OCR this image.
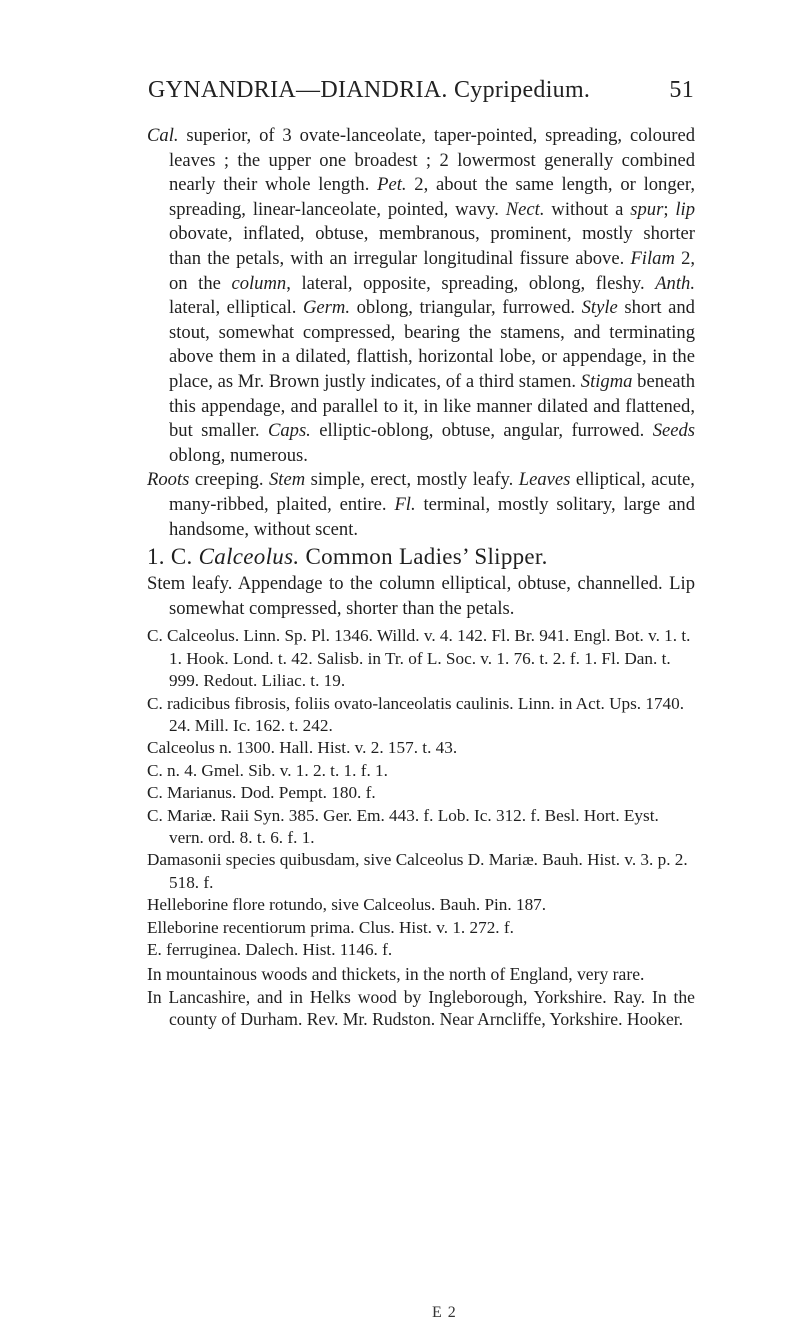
GYNANDRIA—DIANDRIA. Cypripedium.	51

Cal. superior, of 3 ovate-lanceolate, taper-pointed, spreading, coloured leaves ; the upper one broadest ; 2 lowermost generally combined nearly their whole length. Pet. 2, about the same length, or longer, spreading, linear-lanceolate, pointed, wavy. Nect. without a spur; lip obovate, inflated, obtuse, membranous, prominent, mostly shorter than the petals, with an irregular longitudinal fissure above. Filam 2, on the column, lateral, opposite, spreading, oblong, fleshy. Anth. lateral, elliptical. Germ. oblong, triangular, furrowed. Style short and stout, somewhat compressed, bearing the stamens, and terminating above them in a dilated, flattish, horizontal lobe, or appendage, in the place, as Mr. Brown justly indicates, of a third stamen. Stigma beneath this appendage, and parallel to it, in like manner dilated and flattened, but smaller. Caps. elliptic-oblong, obtuse, angular, furrowed. Seeds oblong, numerous.

Roots creeping. Stem simple, erect, mostly leafy. Leaves elliptical, acute, many-ribbed, plaited, entire. Fl. terminal, mostly solitary, large and handsome, without scent.

1. C. Calceolus. Common Ladies’ Slipper.

Stem leafy. Appendage to the column elliptical, obtuse, channelled. Lip somewhat compressed, shorter than the petals.

C. Calceolus. Linn. Sp. Pl. 1346. Willd. v. 4. 142. Fl. Br. 941. Engl. Bot. v. 1. t. 1. Hook. Lond. t. 42. Salisb. in Tr. of L. Soc. v. 1. 76. t. 2. f. 1. Fl. Dan. t. 999. Redout. Liliac. t. 19.

C. radicibus fibrosis, foliis ovato-lanceolatis caulinis. Linn. in Act. Ups. 1740. 24. Mill. Ic. 162. t. 242.

Calceolus n. 1300. Hall. Hist. v. 2. 157. t. 43.

C. n. 4. Gmel. Sib. v. 1. 2. t. 1. f. 1.

C. Marianus. Dod. Pempt. 180. f.

C. Mariæ. Raii Syn. 385. Ger. Em. 443. f. Lob. Ic. 312. f. Besl. Hort. Eyst. vern. ord. 8. t. 6. f. 1.

Damasonii species quibusdam, sive Calceolus D. Mariæ. Bauh. Hist. v. 3. p. 2. 518. f.

Helleborine flore rotundo, sive Calceolus. Bauh. Pin. 187.

Elleborine recentiorum prima. Clus. Hist. v. 1. 272. f.

E. ferruginea. Dalech. Hist. 1146. f.

In mountainous woods and thickets, in the north of England, very rare.

In Lancashire, and in Helks wood by Ingleborough, Yorkshire. Ray. In the county of Durham. Rev. Mr. Rudston. Near Arncliffe, Yorkshire. Hooker.

E 2
